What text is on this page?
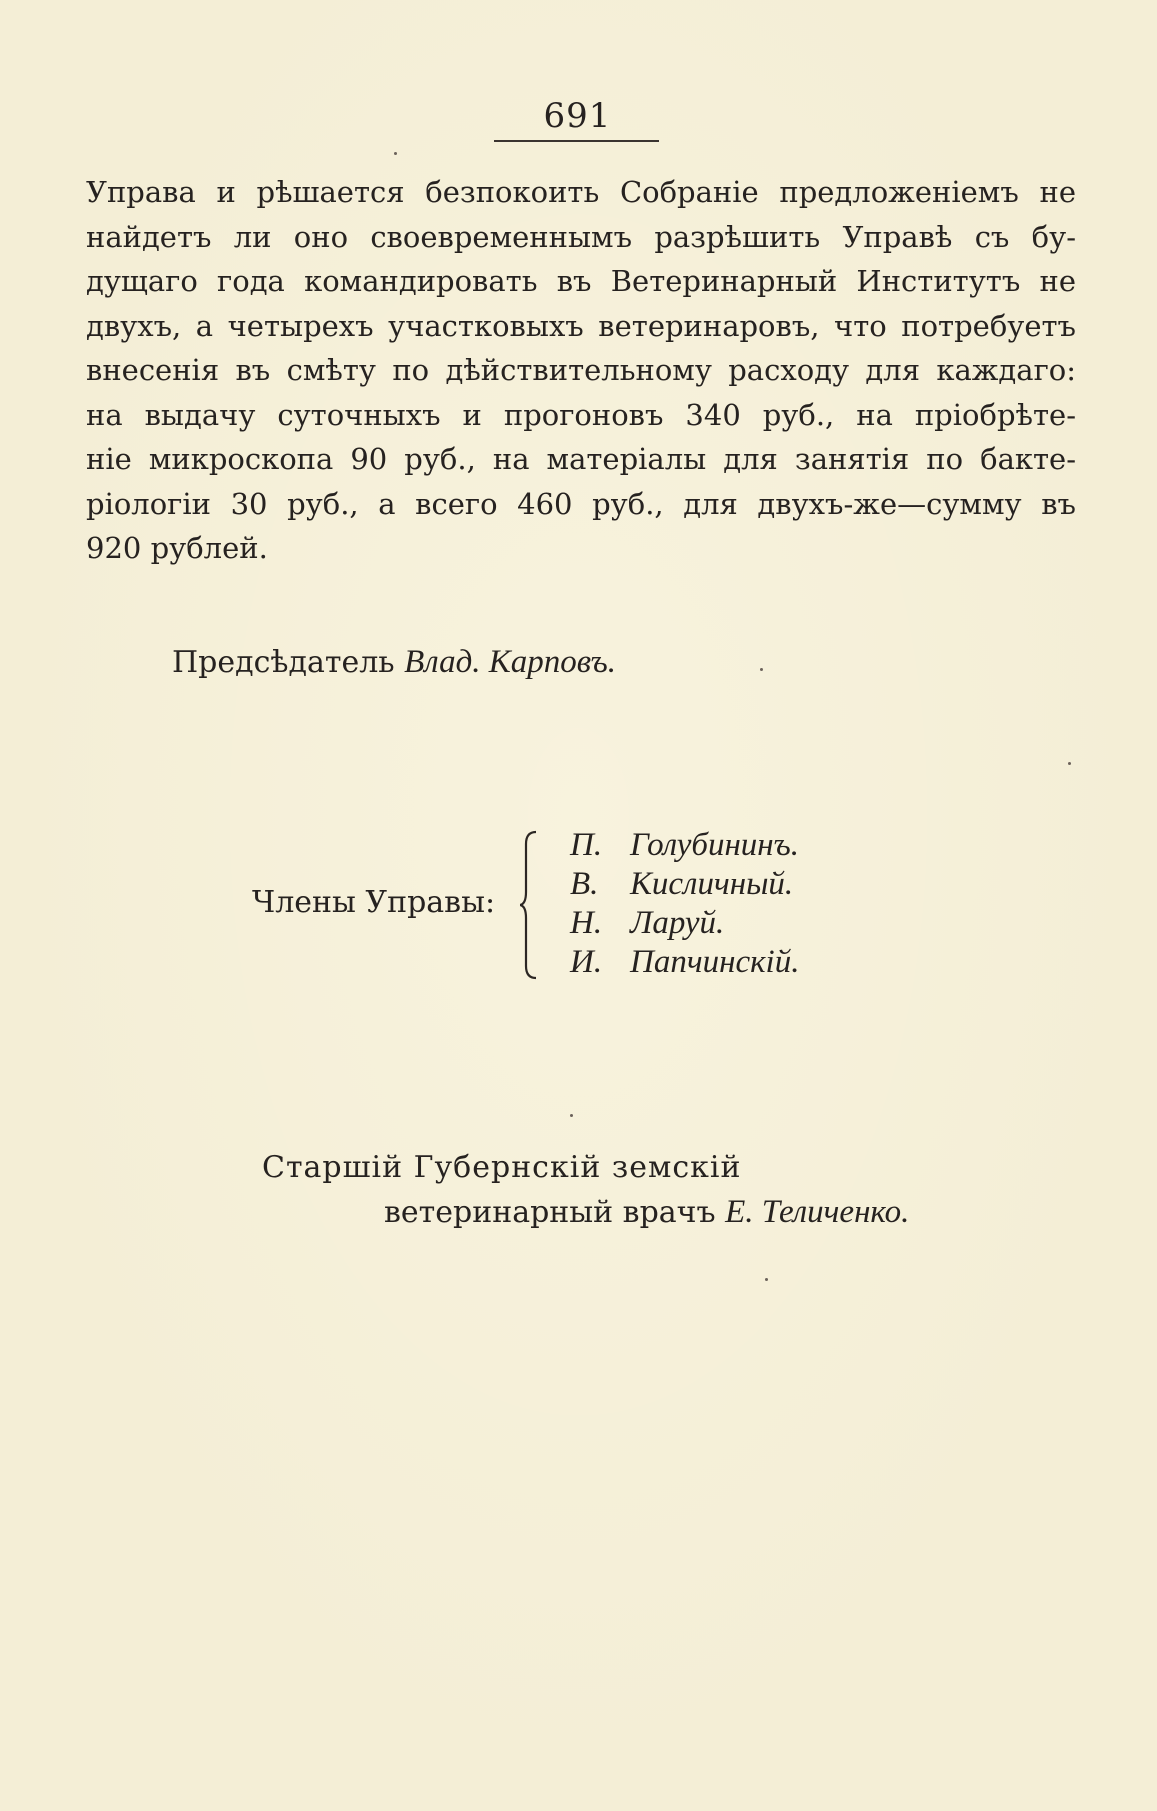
691
Управа и рѣшается безпокоить Собраніе предложеніемъ не
найдетъ ли оно своевременнымъ разрѣшить Управѣ съ бу-
дущаго года командировать въ Ветеринарный Институтъ не
двухъ, а четырехъ участковыхъ ветеринаровъ, что потребуетъ
внесенія въ смѣту по дѣйствительному расходу для каждаго:
на выдачу суточныхъ и прогоновъ 340 руб., на пріобрѣте-
ніе микроскопа 90 руб., на матеріалы для занятія по бакте-
ріологіи 30 руб., а всего 460 руб., для двухъ-же—сумму въ
920 рублей.
Предсѣдатель Влад. Карповъ.
Члены Управы:
П. Голубининъ.
В. Кисличный.
Н. Ларуй.
И. Папчинскій.
Старшій Губернскій земскій
ветеринарный врачъ Е. Теличенко.
